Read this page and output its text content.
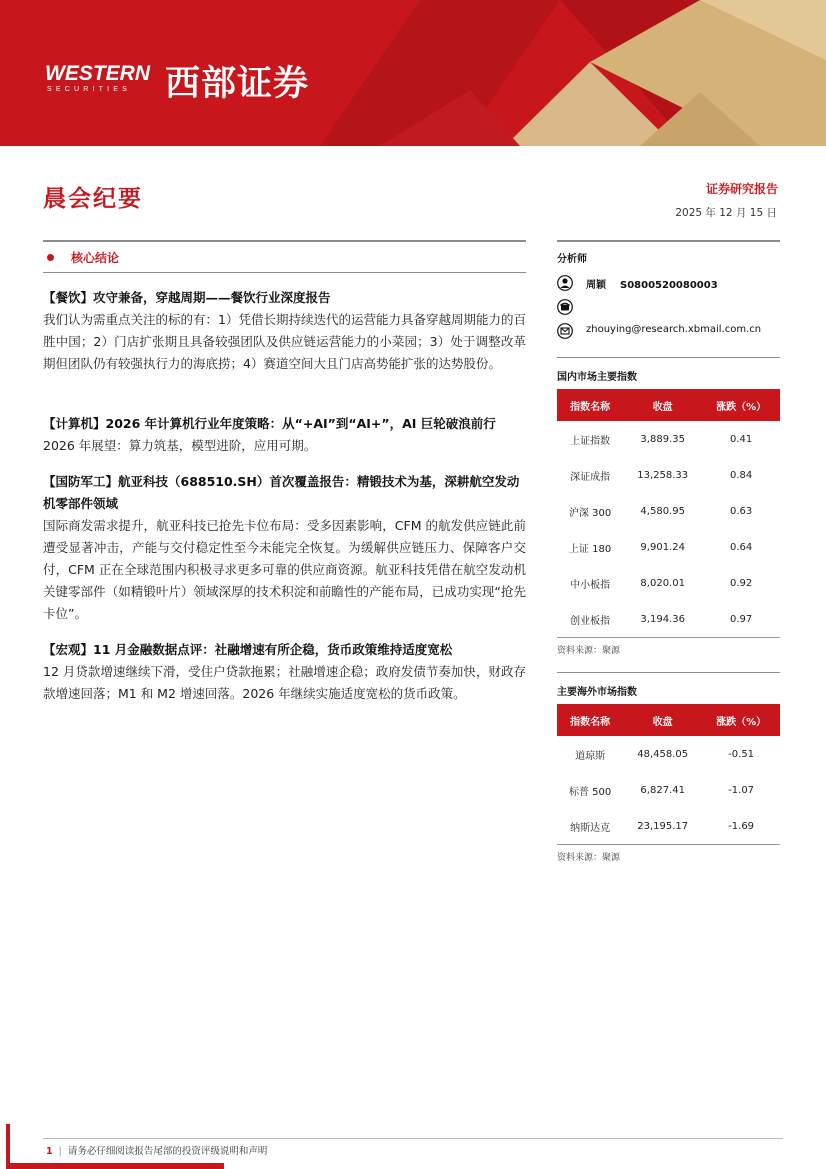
WESTERN
SECURITIES 西部证券
晨会纪要	证券研究报告
2025 年 12 月 15 日
核心结论
【餐饮】攻守兼备，穿越周期——餐饮行业深度报告
我们认为需重点关注的标的有：1）凭借长期持续迭代的运营能力具备穿越周期能力的百胜中国；2）门店扩张期且具备较强团队及供应链运营能力的小菜园；3）处于调整改革期但团队仍有较强执行力的海底捞；4）赛道空间大且门店高势能扩张的达势股份。
【计算机】2026 年计算机行业年度策略：从“+AI”到“AI+”，AI 巨轮破浪前行
2026 年展望：算力筑基，模型进阶，应用可期。
【国防军工】航亚科技（688510.SH）首次覆盖报告：精锻技术为基，深耕航空发动机零部件领域
国际商发需求提升，航亚科技已抢先卡位布局：受多因素影响，CFM 的航发供应链此前遭受显著冲击，产能与交付稳定性至今未能完全恢复。为缓解供应链压力、保障客户交付，CFM 正在全球范围内积极寻求更多可靠的供应商资源。航亚科技凭借在航空发动机关键零部件（如精锻叶片）领域深厚的技术积淀和前瞻性的产能布局，已成功实现“抢先卡位”。
【宏观】11 月金融数据点评：社融增速有所企稳，货币政策维持适度宽松
12 月贷款增速继续下滑，受住户贷款拖累；社融增速企稳；政府发债节奏加快，财政存款增速回落；M1 和 M2 增速回落。2026 年继续实施适度宽松的货币政策。
分析师
周颖 S0800520080003
zhouying@research.xbmail.com.cn
国内市场主要指数
指数名称	收盘	涨跌（%）
上证指数	3,889.35	0.41
深证成指	13,258.33	0.84
沪深 300	4,580.95	0.63
上证 180	9,901.24	0.64
中小板指	8,020.01	0.92
创业板指	3,194.36	0.97
资料来源：聚源
主要海外市场指数
指数名称	收盘	涨跌（%）
道琼斯	48,458.05	-0.51
标普 500	6,827.41	-1.07
纳斯达克	23,195.17	-1.69
资料来源：聚源
1 | 请务必仔细阅读报告尾部的投资评级说明和声明
